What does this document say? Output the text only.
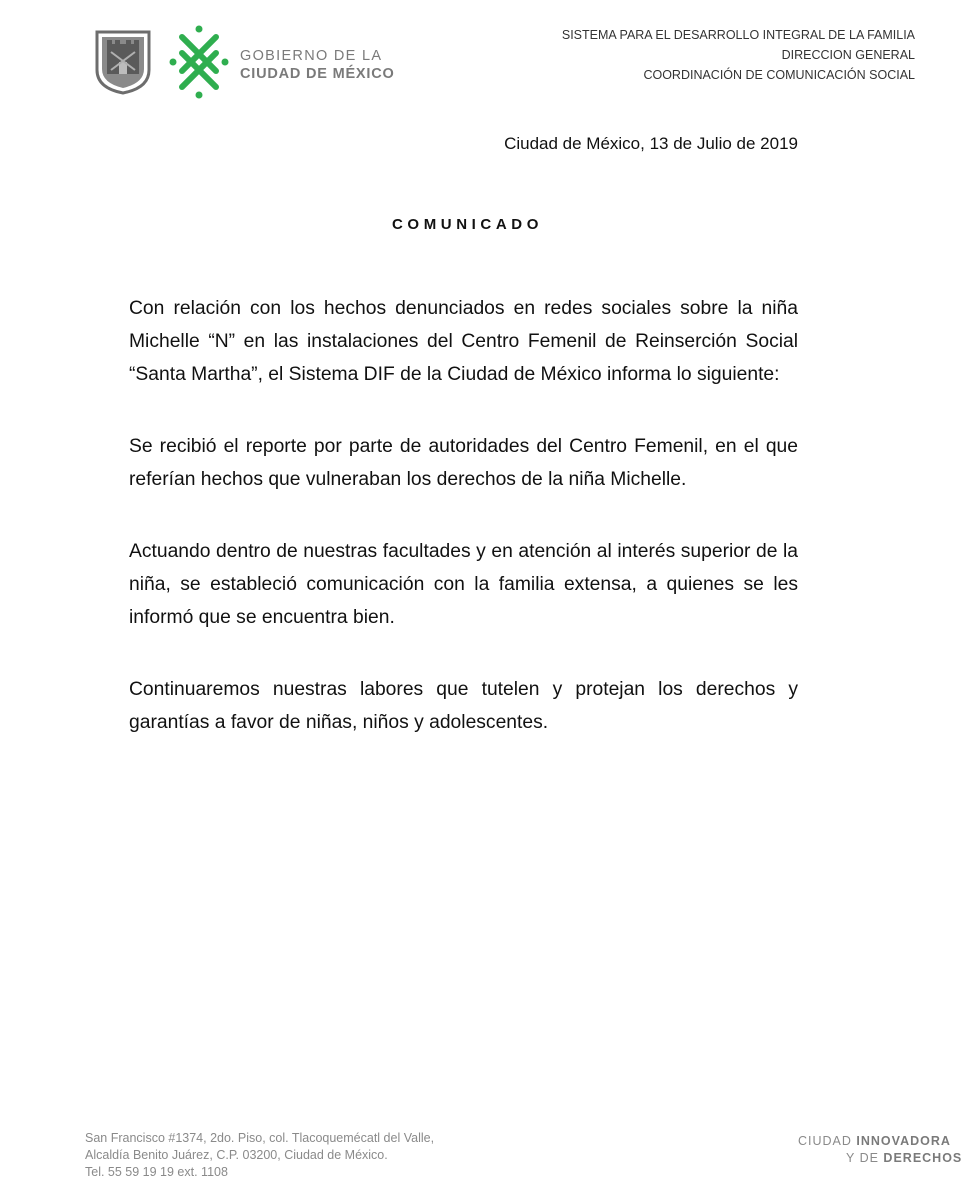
GOBIERNO DE LA
CIUDAD DE MÉXICO
SISTEMA PARA EL DESARROLLO INTEGRAL DE LA FAMILIA
DIRECCION GENERAL
COORDINACIÓN DE COMUNICACIÓN SOCIAL
Ciudad de México, 13 de Julio de 2019
COMUNICADO

Con relación con los hechos denunciados en redes sociales sobre la niña Michelle “N” en las instalaciones del Centro Femenil de Reinserción Social “Santa Martha”, el Sistema DIF de la Ciudad de México informa lo siguiente:

Se recibió el reporte por parte de autoridades del Centro Femenil, en el que referían hechos que vulneraban los derechos de la niña Michelle.

Actuando dentro de nuestras facultades y en atención al interés superior de la niña, se estableció comunicación con la familia extensa, a quienes se les informó que se encuentra bien.

Continuaremos nuestras labores que tutelen y protejan los derechos y garantías a favor de niñas, niños y adolescentes.

San Francisco #1374, 2do. Piso, col. Tlacoquemécatl del Valle,
Alcaldía Benito Juárez, C.P. 03200, Ciudad de México.
Tel. 55 59 19 19 ext. 1108
CIUDAD INNOVADORA
Y DE DERECHOS
